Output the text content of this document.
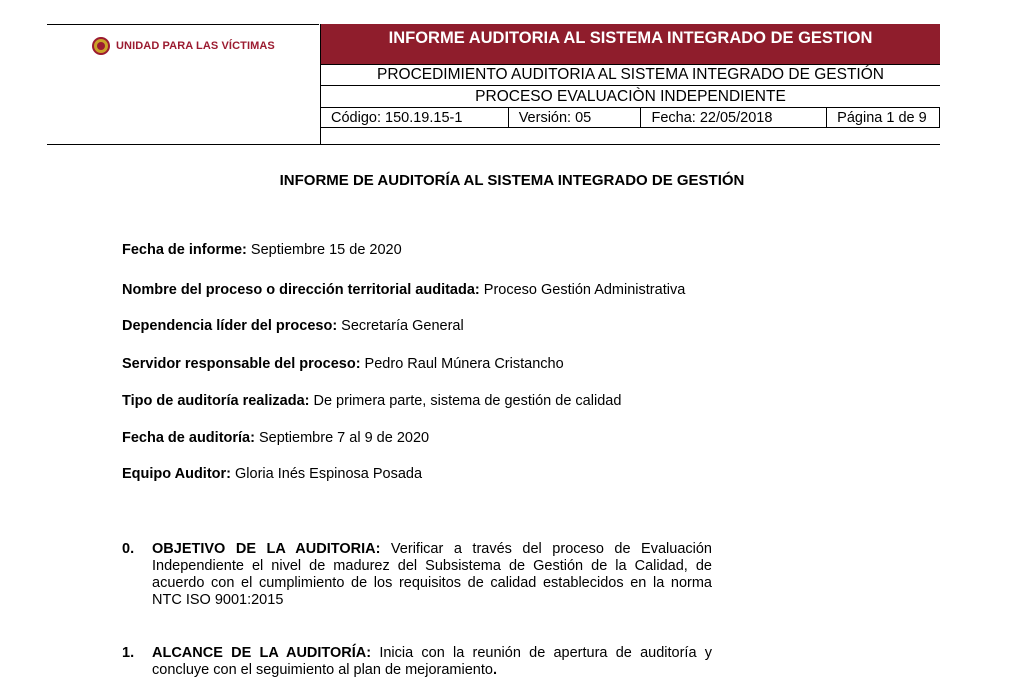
UNIDAD PARA LAS VÍCTIMAS	INFORME AUDITORIA AL SISTEMA INTEGRADO DE GESTION
PROCEDIMIENTO AUDITORIA AL SISTEMA INTEGRADO DE GESTIÓN
PROCESO EVALUACIÒN INDEPENDIENTE
Código: 150.19.15-1	Versión: 05	Fecha: 22/05/2018	Página 1 de 9
INFORME DE AUDITORÍA AL SISTEMA INTEGRADO DE GESTIÓN
Fecha de informe: Septiembre 15 de 2020
Nombre del proceso o dirección territorial auditada: Proceso Gestión Administrativa
Dependencia líder del proceso: Secretaría General
Servidor responsable del proceso: Pedro Raul Múnera Cristancho
Tipo de auditoría realizada: De primera parte, sistema de gestión de calidad
Fecha de auditoría: Septiembre 7 al 9 de 2020
Equipo Auditor: Gloria Inés Espinosa Posada
0. OBJETIVO DE LA AUDITORIA: Verificar a través del proceso de Evaluación Independiente el nivel de madurez del Subsistema de Gestión de la Calidad, de acuerdo con el cumplimiento de los requisitos de calidad establecidos en la norma NTC ISO 9001:2015
1. ALCANCE DE LA AUDITORÍA: Inicia con la reunión de apertura de auditoría y concluye con el seguimiento al plan de mejoramiento.
